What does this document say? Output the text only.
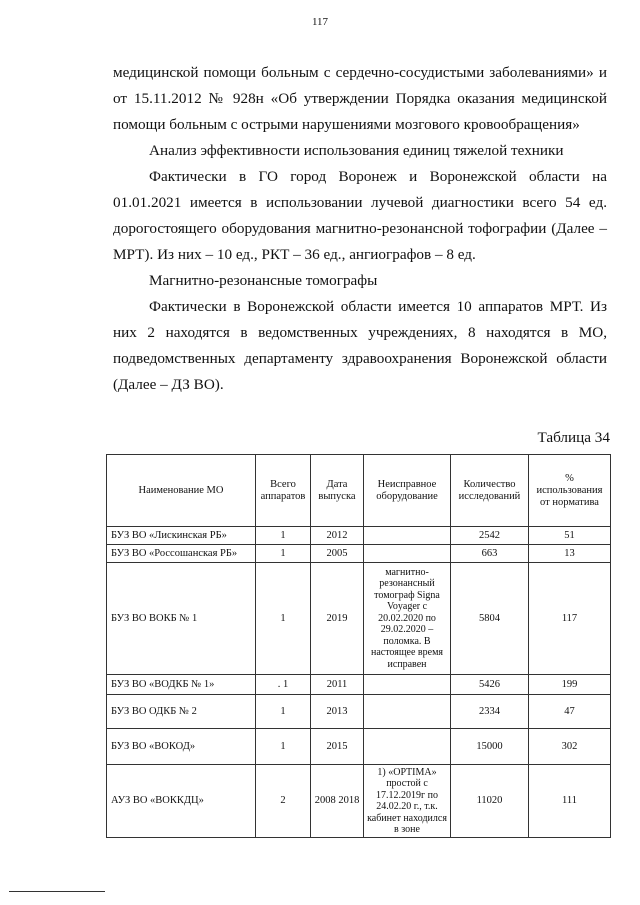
117

медицинской помощи больным с сердечно-сосудистыми заболеваниями» и от 15.11.2012 № 928н «Об утверждении Порядка оказания медицинской помощи больным с острыми нарушениями мозгового кровообращения»

Анализ эффективности использования единиц тяжелой техники

Фактически в ГО город Воронеж и Воронежской области на 01.01.2021 имеется в использовании лучевой диагностики всего 54 ед. дорогостоящего оборудования магнитно-резонансной тофографии (Далее – МРТ). Из них – 10 ед., РКТ – 36 ед., ангиографов – 8 ед.

Магнитно-резонансные томографы

Фактически в Воронежской области имеется 10 аппаратов МРТ. Из них 2 находятся в ведомственных учреждениях, 8 находятся в МО, подведомственных департаменту здравоохранения Воронежской области (Далее – ДЗ ВО).

Таблица 34
Наименование МО	Всего аппаратов	Дата выпуска	Неисправное оборудование	Количество исследований	% использования от норматива
БУЗ ВО «Лискинская РБ»	1	2012		2542	51
БУЗ ВО «Россошанская РБ»	1	2005		663	13
БУЗ ВО ВОКБ № 1	1	2019	магнитно-резонансный томограф Signa Voyager с 20.02.2020 по 29.02.2020 – поломка. В настоящее время исправен	5804	117
БУЗ ВО «ВОДКБ № 1»	. 1	2011		5426	199
БУЗ ВО ОДКБ № 2	1	2013		2334	47
БУЗ ВО «ВОКОД»	1	2015		15000	302
АУЗ ВО «ВОККДЦ»	2	2008 2018	1) «OPTIMA» простой с 17.12.2019г по 24.02.20 г., т.к. кабинет находился в зоне	11020	111
